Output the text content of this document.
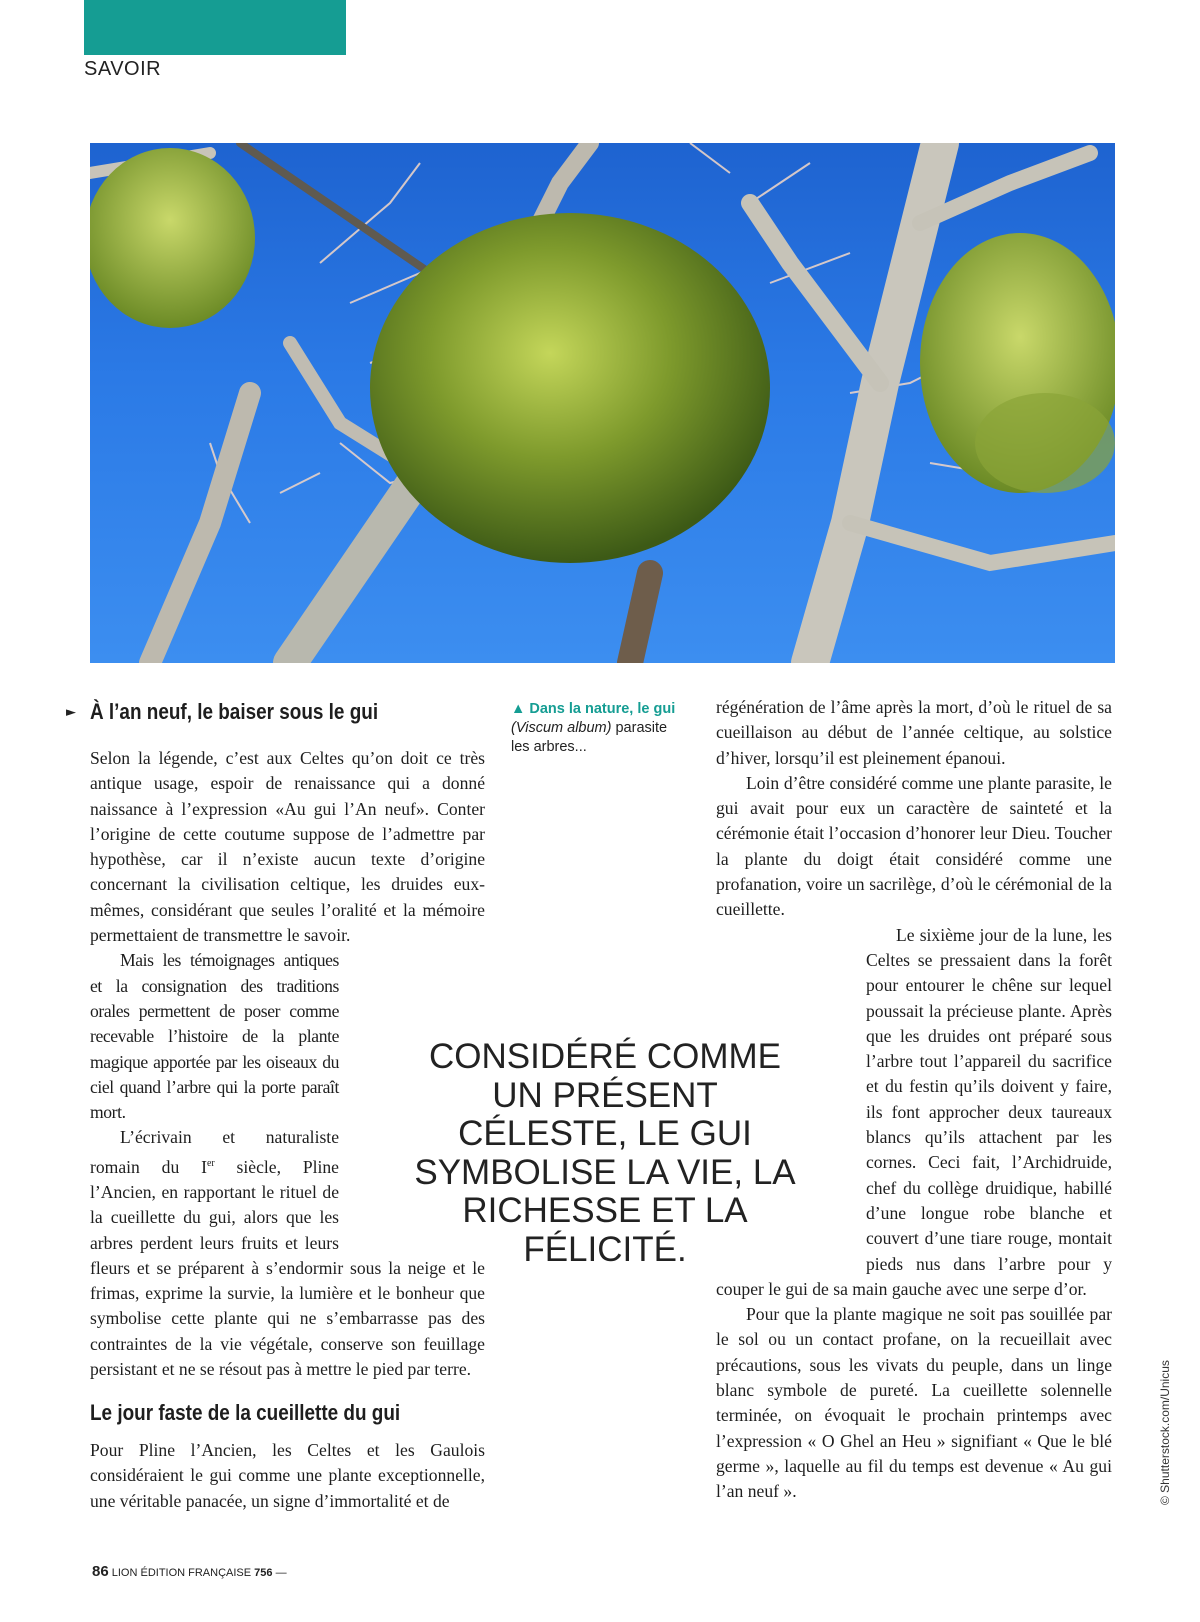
SAVOIR
© Shutterstock.com/Unicus
► À l’an neuf, le baiser sous le gui

Selon la légende, c’est aux Celtes qu’on doit ce très antique usage, espoir de renaissance qui a donné naissance à l’expression «Au gui l’An neuf». Conter l’origine de cette coutume suppose de l’admettre par hypothèse, car il n’existe aucun texte d’origine concernant la civilisation celtique, les druides eux-mêmes, considérant que seules l’oralité et la mémoire permettaient de transmettre le savoir.

Mais les témoignages antiques et la consignation des traditions orales permettent de poser comme recevable l’histoire de la plante magique apportée par les oiseaux du ciel quand l’arbre qui la porte paraît mort.

L’écrivain et naturaliste romain du Ier siècle, Pline l’Ancien, en rapportant le rituel de la cueillette du gui, alors que les arbres perdent leurs fruits et leurs fleurs et se préparent à s’endormir sous la neige et le frimas, exprime la survie, la lumière et le bonheur que symbolise cette plante qui ne s’embarrasse pas des contraintes de la vie végétale, conserve son feuillage persistant et ne se résout pas à mettre le pied par terre.

Le jour faste de la cueillette du gui

Pour Pline l’Ancien, les Celtes et les Gaulois considéraient le gui comme une plante exceptionnelle, une véritable panacée, un signe d’immortalité et de

▲ Dans la nature, le gui
(Viscum album) parasite les arbres...
CONSIDÉRÉ COMME UN PRÉSENT CÉLESTE, LE GUI SYMBOLISE LA VIE, LA RICHESSE ET LA FÉLICITÉ.

régénération de l’âme après la mort, d’où le rituel de sa cueillaison au début de l’année celtique, au solstice d’hiver, lorsqu’il est pleinement épanoui.

Loin d’être considéré comme une plante parasite, le gui avait pour eux un caractère de sainteté et la cérémonie était l’occasion d’honorer leur Dieu. Toucher la plante du doigt était considéré comme une profanation, voire un sacrilège, d’où le cérémonial de la cueillette.

Le sixième jour de la lune, les Celtes se pressaient dans la forêt pour entourer le chêne sur lequel poussait la précieuse plante. Après que les druides ont préparé sous l’arbre tout l’appareil du sacrifice et du festin qu’ils doivent y faire, ils font approcher deux taureaux blancs qu’ils attachent par les cornes. Ceci fait, l’Archidruide, chef du collège druidique, habillé d’une longue robe blanche et couvert d’une tiare rouge, montait pieds nus dans l’arbre pour y couper le gui de sa main gauche avec une serpe d’or.

Pour que la plante magique ne soit pas souillée par le sol ou un contact profane, on la recueillait avec précautions, sous les vivats du peuple, dans un linge blanc symbole de pureté. La cueillette solennelle terminée, on évoquait le prochain printemps avec l’expression « O Ghel an Heu » signifiant « Que le blé germe », laquelle au fil du temps est devenue « Au gui l’an neuf ».

86 LION ÉDITION FRANÇAISE 756 —
